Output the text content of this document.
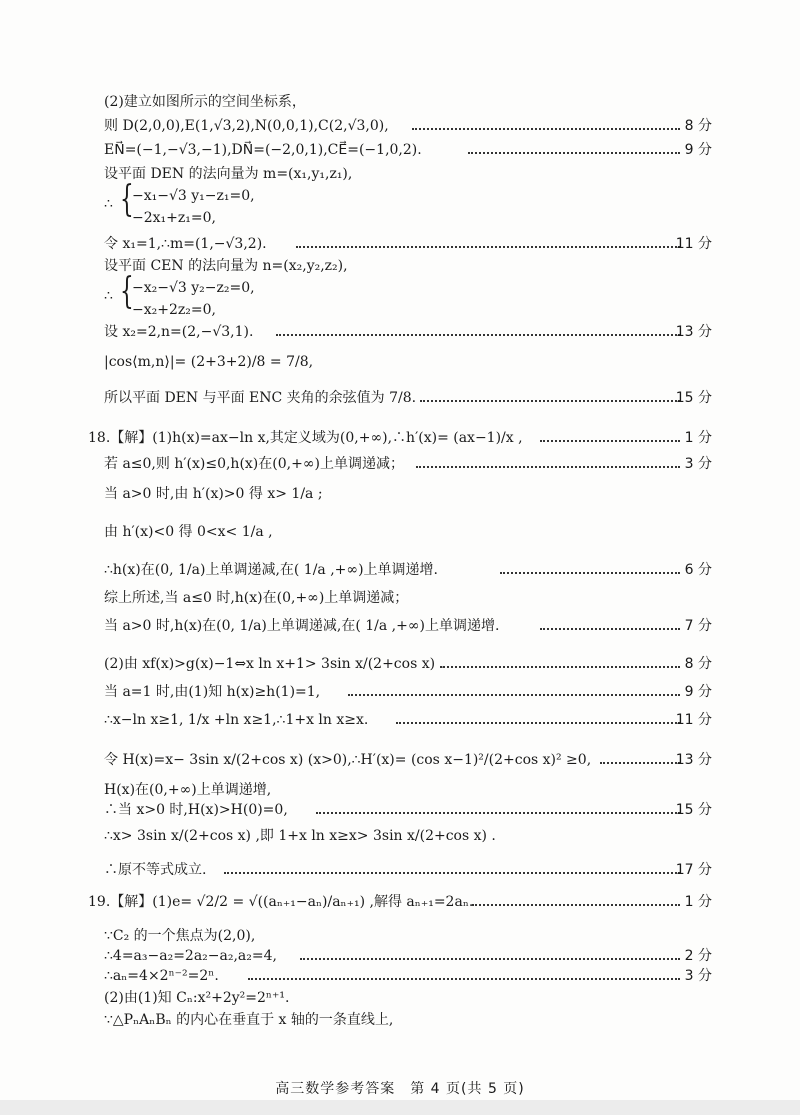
(2)建立如图所示的空间坐标系，
则 D(2,0,0),E(1,√3,2),N(0,0,1),C(2,√3,0),	8 分
EN⃗=(−1,−√3,−1),DN⃗=(−2,0,1),CE⃗=(−1,0,2).	9 分
设平面 DEN 的法向量为 m=(x₁,y₁,z₁),
∴ {
−x₁−√3 y₁−z₁=0,
−2x₁+z₁=0,
令 x₁=1,∴m=(1,−√3,2).	11 分
设平面 CEN 的法向量为 n=(x₂,y₂,z₂),
∴ {
−x₂−√3 y₂−z₂=0,
−x₂+2z₂=0,
设 x₂=2,n=(2,−√3,1).	13 分
|cos⟨m,n⟩|= (2+3+2)/8 = 7/8,
所以平面 DEN 与平面 ENC 夹角的余弦值为 7/8.	15 分
18.【解】(1)h(x)=ax−ln x,其定义域为(0,+∞),∴h′(x)= (ax−1)/x ,	1 分
若 a≤0,则 h′(x)≤0,h(x)在(0,+∞)上单调递减；	3 分
当 a>0 时,由 h′(x)>0 得 x> 1/a ;
由 h′(x)<0 得 0<x< 1/a ,
∴h(x)在(0, 1/a)上单调递减,在( 1/a ,+∞)上单调递增.	6 分
综上所述,当 a≤0 时,h(x)在(0,+∞)上单调递减；
当 a>0 时,h(x)在(0, 1/a)上单调递减,在( 1/a ,+∞)上单调递增.	7 分
(2)由 xf(x)>g(x)−1⇔x ln x+1> 3sin x/(2+cos x) .	8 分
当 a=1 时,由(1)知 h(x)≥h(1)=1,	9 分
∴x−ln x≥1, 1/x +ln x≥1,∴1+x ln x≥x.	11 分
令 H(x)=x− 3sin x/(2+cos x) (x>0),∴H′(x)= (cos x−1)²/(2+cos x)² ≥0,	13 分
H(x)在(0,+∞)上单调递增,
∴当 x>0 时,H(x)>H(0)=0,	15 分
∴x> 3sin x/(2+cos x) ,即 1+x ln x≥x> 3sin x/(2+cos x) .
∴原不等式成立.	17 分
19.【解】(1)e= √2/2 = √((aₙ₊₁−aₙ)/aₙ₊₁) ,解得 aₙ₊₁=2aₙ.	1 分
∵C₂ 的一个焦点为(2,0),
∴4=a₃−a₂=2a₂−a₂,a₂=4,	2 分
∴aₙ=4×2ⁿ⁻²=2ⁿ.	3 分
(2)由(1)知 Cₙ:x²+2y²=2ⁿ⁺¹.
∵△PₙAₙBₙ 的内心在垂直于 x 轴的一条直线上,
高三数学参考答案　第 4 页(共 5 页)
